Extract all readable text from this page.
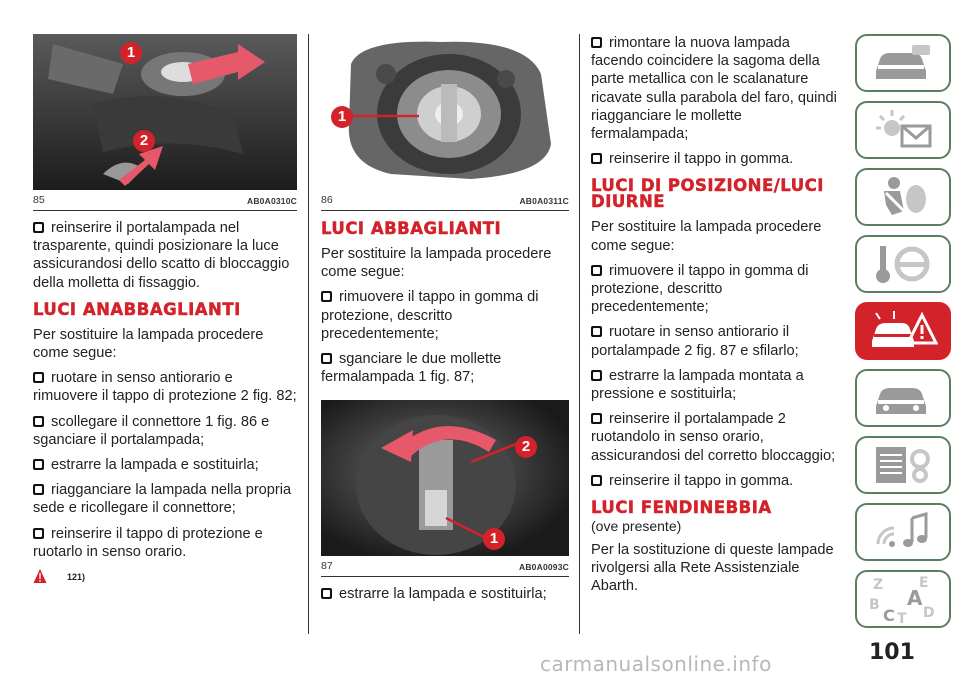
1
2
85	AB0A0310C
reinserire il portalampada nel trasparente, quindi posizionare la luce assicurandosi dello scatto di bloccaggio della molletta di fissaggio.
LUCI ANABBAGLIANTI

Per sostituire la lampada procedere come segue:

ruotare in senso antiorario e rimuovere il tappo di protezione 2 fig. 82;
scollegare il connettore 1 fig. 86 e sganciare il portalampada;
estrarre la lampada e sostituirla;
riagganciare la lampada nella propria sede e ricollegare il connettore;
reinserire il tappo di protezione e ruotarlo in senso orario.
121)
1
86	AB0A0311C
LUCI ABBAGLIANTI

Per sostituire la lampada procedere come segue:

rimuovere il tappo in gomma di protezione, descritto precedentemente;
sganciare le due mollette fermalampada 1 fig. 87;
2
1
87	AB0A0093C
estrarre la lampada e sostituirla;
rimontare la nuova lampada facendo coincidere la sagoma della parte metallica con le scalanature ricavate sulla parabola del faro, quindi riagganciare le mollette fermalampada;
reinserire il tappo in gomma.
LUCI DI POSIZIONE/LUCI DIURNE

Per sostituire la lampada procedere come segue:

rimuovere il tappo in gomma di protezione, descritto precedentemente;
ruotare in senso antiorario il portalampade 2 fig. 87 e sfilarlo;
estrarre la lampada montata a pressione e sostituirla;
reinserire il portalampade 2 ruotandolo in senso orario, assicurandosi del corretto bloccaggio;
reinserire il tappo in gomma.
LUCI FENDINEBBIA

(ove presente)

Per la sostituzione di queste lampade rivolgersi alla Rete Assistenziale Abarth.	Z	E
B A
C T D
101
carmanualsonline.info
